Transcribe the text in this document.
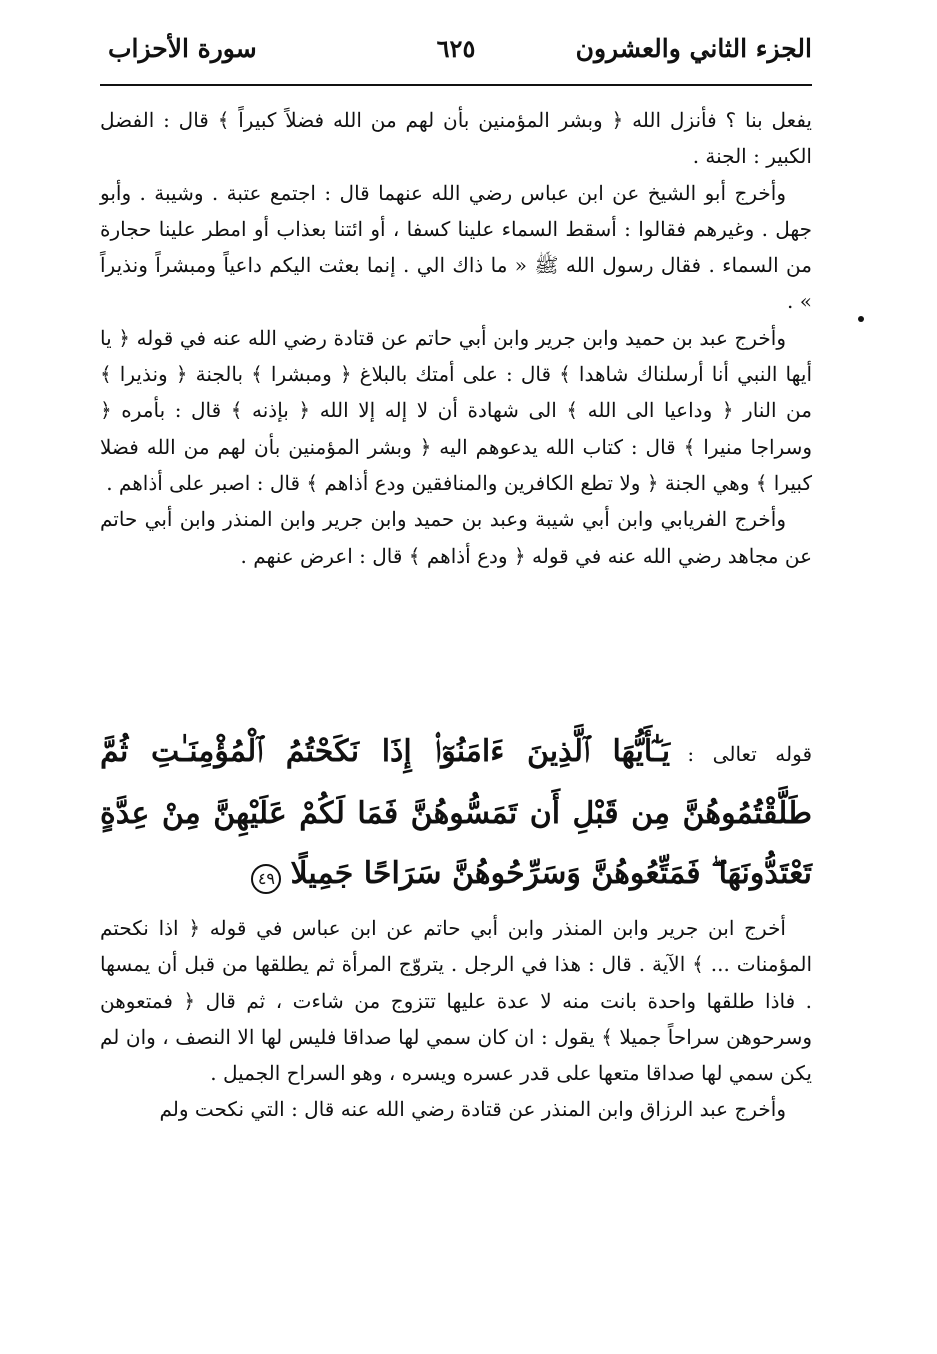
الجزء الثاني والعشرون
٦٢٥
سورة الأحزاب

يفعل بنا ؟ فأنزل الله ﴿ وبشر المؤمنين بأن لهم من الله فضلاً كبيراً ﴾ قال : الفضل الكبير : الجنة .

وأخرج أبو الشيخ عن ابن عباس رضي الله عنهما قال : اجتمع عتبة . وشيبة . وأبو جهل . وغيرهم فقالوا : أسقط السماء علينا كسفا ، أو ائتنا بعذاب أو امطر علينا حجارة من السماء . فقال رسول الله ﷺ « ما ذاك الي . إنما بعثت اليكم داعياً ومبشراً ونذيراً » .

وأخرج عبد بن حميد وابن جرير وابن أبي حاتم عن قتادة رضي الله عنه في قوله ﴿ يا أيها النبي أنا أرسلناك شاهدا ﴾ قال : على أمتك بالبلاغ ﴿ ومبشرا ﴾ بالجنة ﴿ ونذيرا ﴾ من النار ﴿ وداعيا الى الله ﴾ الى شهادة أن لا إله إلا الله ﴿ بإذنه ﴾ قال : بأمره ﴿ وسراجا منيرا ﴾ قال : كتاب الله يدعوهم اليه ﴿ وبشر المؤمنين بأن لهم من الله فضلا كبيرا ﴾ وهي الجنة ﴿ ولا تطع الكافرين والمنافقين ودع أذاهم ﴾ قال : اصبر على أذاهم .

وأخرج الفريابي وابن أبي شيبة وعبد بن حميد وابن جرير وابن المنذر وابن أبي حاتم عن مجاهد رضي الله عنه في قوله ﴿ ودع أذاهم ﴾ قال : اعرض عنهم .

قوله تعالى : يَـٰٓأَيُّهَا ٱلَّذِينَ ءَامَنُوٓا۟ إِذَا نَكَحْتُمُ ٱلْمُؤْمِنَـٰتِ ثُمَّ طَلَّقْتُمُوهُنَّ مِن قَبْلِ أَن تَمَسُّوهُنَّ فَمَا لَكُمْ عَلَيْهِنَّ مِنْ عِدَّةٍ تَعْتَدُّونَهَا ۖ فَمَتِّعُوهُنَّ وَسَرِّحُوهُنَّ سَرَاحًا جَمِيلًا ٤٩

أخرج ابن جرير وابن المنذر وابن أبي حاتم عن ابن عباس في قوله ﴿ اذا نكحتم المؤمنات ... ﴾ الآية . قال : هذا في الرجل . يتروّج المرأة ثم يطلقها من قبل أن يمسها . فاذا طلقها واحدة بانت منه لا عدة عليها تتزوج من شاءت ، ثم قال ﴿ فمتعوهن وسرحوهن سراحاً جميلا ﴾ يقول : ان كان سمي لها صداقا فليس لها الا النصف ، وان لم يكن سمي لها صداقا متعها على قدر عسره ويسره ، وهو السراح الجميل .

وأخرج عبد الرزاق وابن المنذر عن قتادة رضي الله عنه قال : التي نكحت ولم
